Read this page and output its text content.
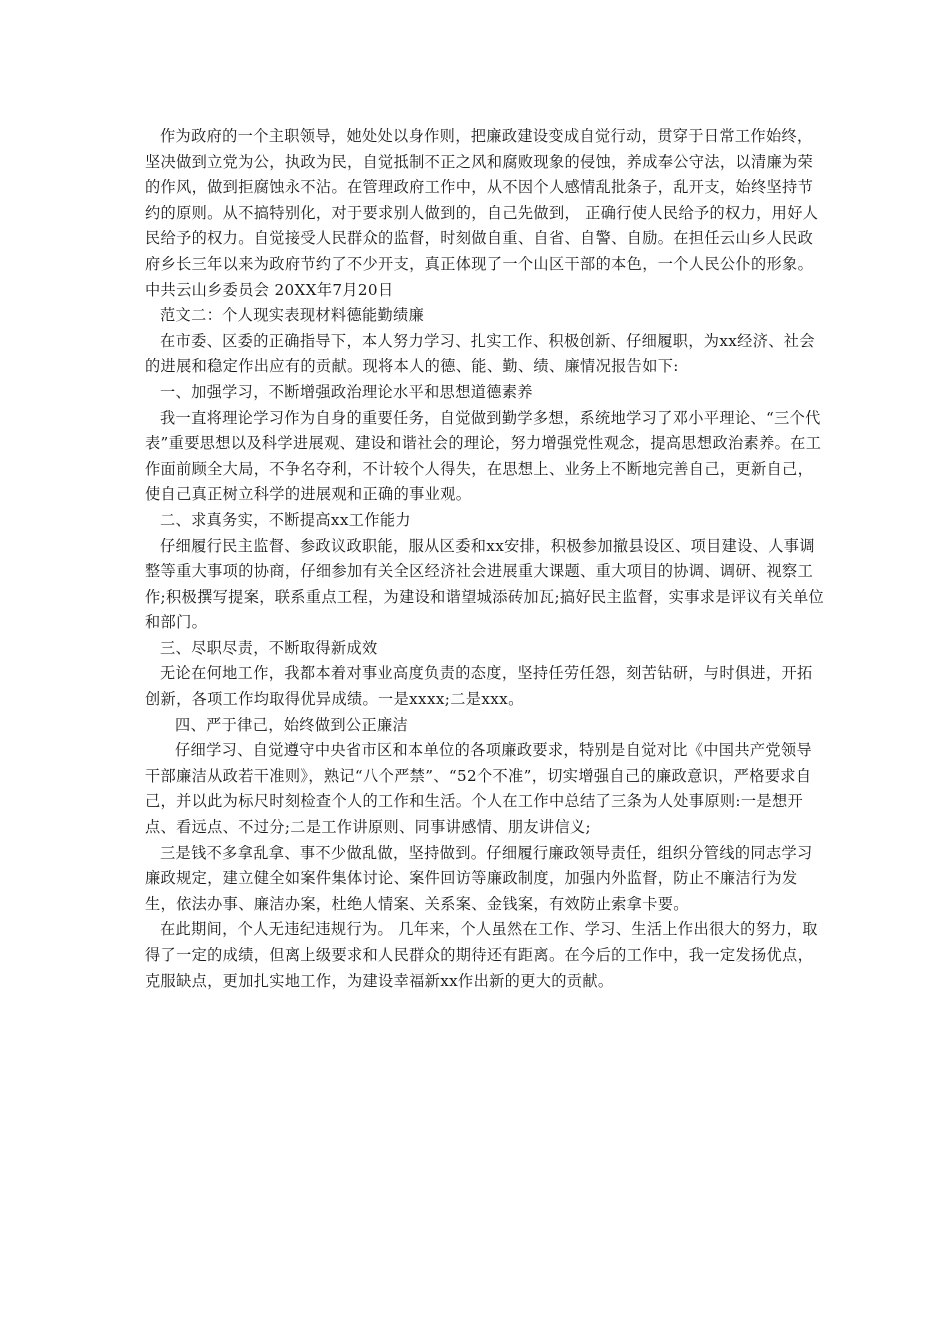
作为政府的一个主职领导，她处处以身作则，把廉政建设变成自觉行动，贯穿于日常工作始终，坚决做到立党为公，执政为民，自觉抵制不正之风和腐败现象的侵蚀，养成奉公守法，以清廉为荣的作风，做到拒腐蚀永不沾。在管理政府工作中，从不因个人感情乱批条子，乱开支，始终坚持节约的原则。从不搞特别化，对于要求别人做到的，自己先做到， 正确行使人民给予的权力，用好人民给予的权力。自觉接受人民群众的监督，时刻做自重、自省、自警、自励。在担任云山乡人民政府乡长三年以来为政府节约了不少开支，真正体现了一个山区干部的本色，一个人民公仆的形象。 中共云山乡委员会 20XX年7月20日

范文二：个人现实表现材料德能勤绩廉

在市委、区委的正确指导下，本人努力学习、扎实工作、积极创新、仔细履职，为xx经济、社会的进展和稳定作出应有的贡献。现将本人的德、能、勤、绩、廉情况报告如下:

一、加强学习，不断增强政治理论水平和思想道德素养

我一直将理论学习作为自身的重要任务，自觉做到勤学多想，系统地学习了邓小平理论、“三个代表”重要思想以及科学进展观、建设和谐社会的理论，努力增强党性观念，提高思想政治素养。在工作面前顾全大局，不争名夺利，不计较个人得失，在思想上、业务上不断地完善自己，更新自己，使自己真正树立科学的进展观和正确的事业观。

二、求真务实，不断提高xx工作能力

仔细履行民主监督、参政议政职能，服从区委和xx安排，积极参加撤县设区、项目建设、人事调整等重大事项的协商，仔细参加有关全区经济社会进展重大课题、重大项目的协调、调研、视察工作;积极撰写提案，联系重点工程，为建设和谐望城添砖加瓦;搞好民主监督，实事求是评议有关单位和部门。

三、尽职尽责，不断取得新成效

无论在何地工作，我都本着对事业高度负责的态度，坚持任劳任怨，刻苦钻研，与时俱进，开拓创新，各项工作均取得优异成绩。一是xxxx;二是xxx。

四、严于律己，始终做到公正廉洁

仔细学习、自觉遵守中央省市区和本单位的各项廉政要求，特别是自觉对比《中国共产党领导干部廉洁从政若干准则》，熟记“八个严禁”、“52个不准”，切实增强自己的廉政意识，严格要求自己，并以此为标尺时刻检查个人的工作和生活。个人在工作中总结了三条为人处事原则:一是想开点、看远点、不过分;二是工作讲原则、同事讲感情、朋友讲信义;

三是钱不多拿乱拿、事不少做乱做，坚持做到。仔细履行廉政领导责任，组织分管线的同志学习廉政规定，建立健全如案件集体讨论、案件回访等廉政制度，加强内外监督，防止不廉洁行为发生，依法办事、廉洁办案，杜绝人情案、关系案、金钱案，有效防止索拿卡要。

在此期间，个人无违纪违规行为。 几年来，个人虽然在工作、学习、生活上作出很大的努力，取得了一定的成绩，但离上级要求和人民群众的期待还有距离。在今后的工作中，我一定发扬优点，克服缺点，更加扎实地工作，为建设幸福新xx作出新的更大的贡献。
